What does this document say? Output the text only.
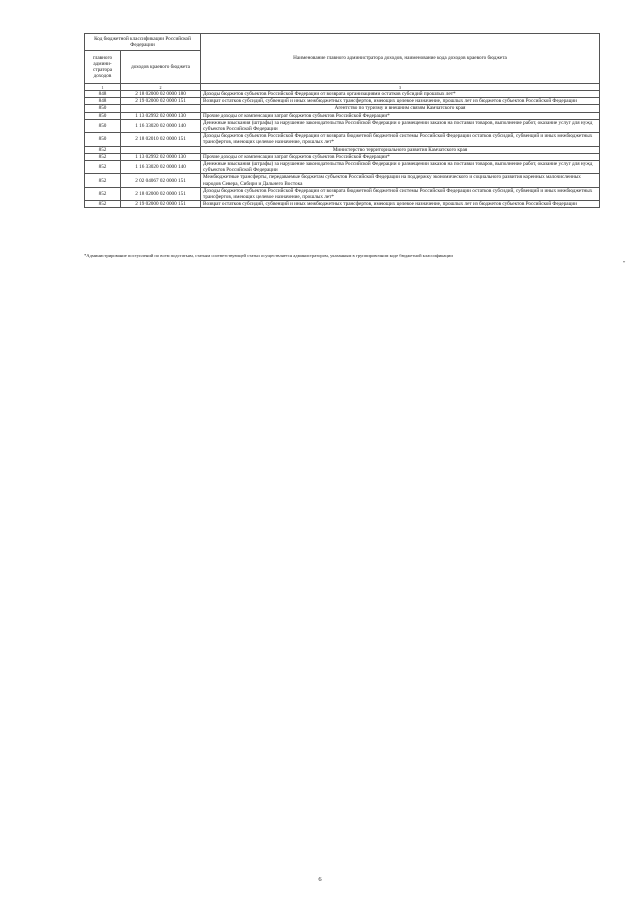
Код бюджетной классификации Российской Федерации		Наименование главного администратора доходов, наименование кода доходов краевого бюджета
главного админи-стратора доходов	доходов краевого бюджета	
1	2	3
848	2 18 02000 02 0000 180	Доходы бюджетов субъектов Российской Федерации от возврата организациями остатков субсидий прошлых лет*
848	2 19 02000 02 0000 151	Возврат остатков субсидий, субвенций и иных межбюджетных трансфертов, имеющих целевое назначение, прошлых лет из бюджетов субъектов Российской Федерации
850		Агентство по туризму и внешним связям Камчатского края
850	1 13 02992 02 0000 130	Прочие доходы от компенсации затрат бюджетов субъектов Российской Федерации*
850	1 16 33020 02 0000 140	Денежные взыскания (штрафы) за нарушение законодательства Российской Федерации о размещении заказов на поставки товаров, выполнение работ, оказание услуг для нужд субъектов Российской Федерации
850	2 18 02010 02 0000 151	Доходы бюджетов субъектов Российской Федерации от возврата бюджетной бюджетной системы Российской Федерации остатков субсидий, субвенций и иных межбюджетных трансфертов, имеющих целевое назначение, прошлых лет*
852		Министерство территориального развития Камчатского края
852	1 13 02992 02 0000 130	Прочие доходы от компенсации затрат бюджетов субъектов Российской Федерации*
852	1 16 33020 02 0000 140	Денежные взыскания (штрафы) за нарушение законодательства Российской Федерации о размещении заказов на поставки товаров, выполнение работ, оказание услуг для нужд субъектов Российской Федерации
852	2 02 04067 02 0000 151	Межбюджетные трансферты, передаваемые бюджетам субъектов Российской Федерации на поддержку экономического и социального развития коренных малочисленных народов Севера, Сибири и Дальнего Востока
852	2 18 02000 02 0000 151	Доходы бюджетов субъектов Российской Федерации от возврата бюджетной бюджетной системы Российской Федерации остатков субсидий, субвенций и иных межбюджетных трансфертов, имеющих целевое назначение, прошлых лет*
852	2 19 02000 02 0000 151	Возврат остатков субсидий, субвенций и иных межбюджетных трансфертов, имеющих целевое назначение, прошлых лет из бюджетов субъектов Российской Федерации
*Администрирование поступлений по всем подстатьям, статьям соответствующей статьи осуществляется администратором, указанным в группировочном коде бюджетной классификации
"
6
